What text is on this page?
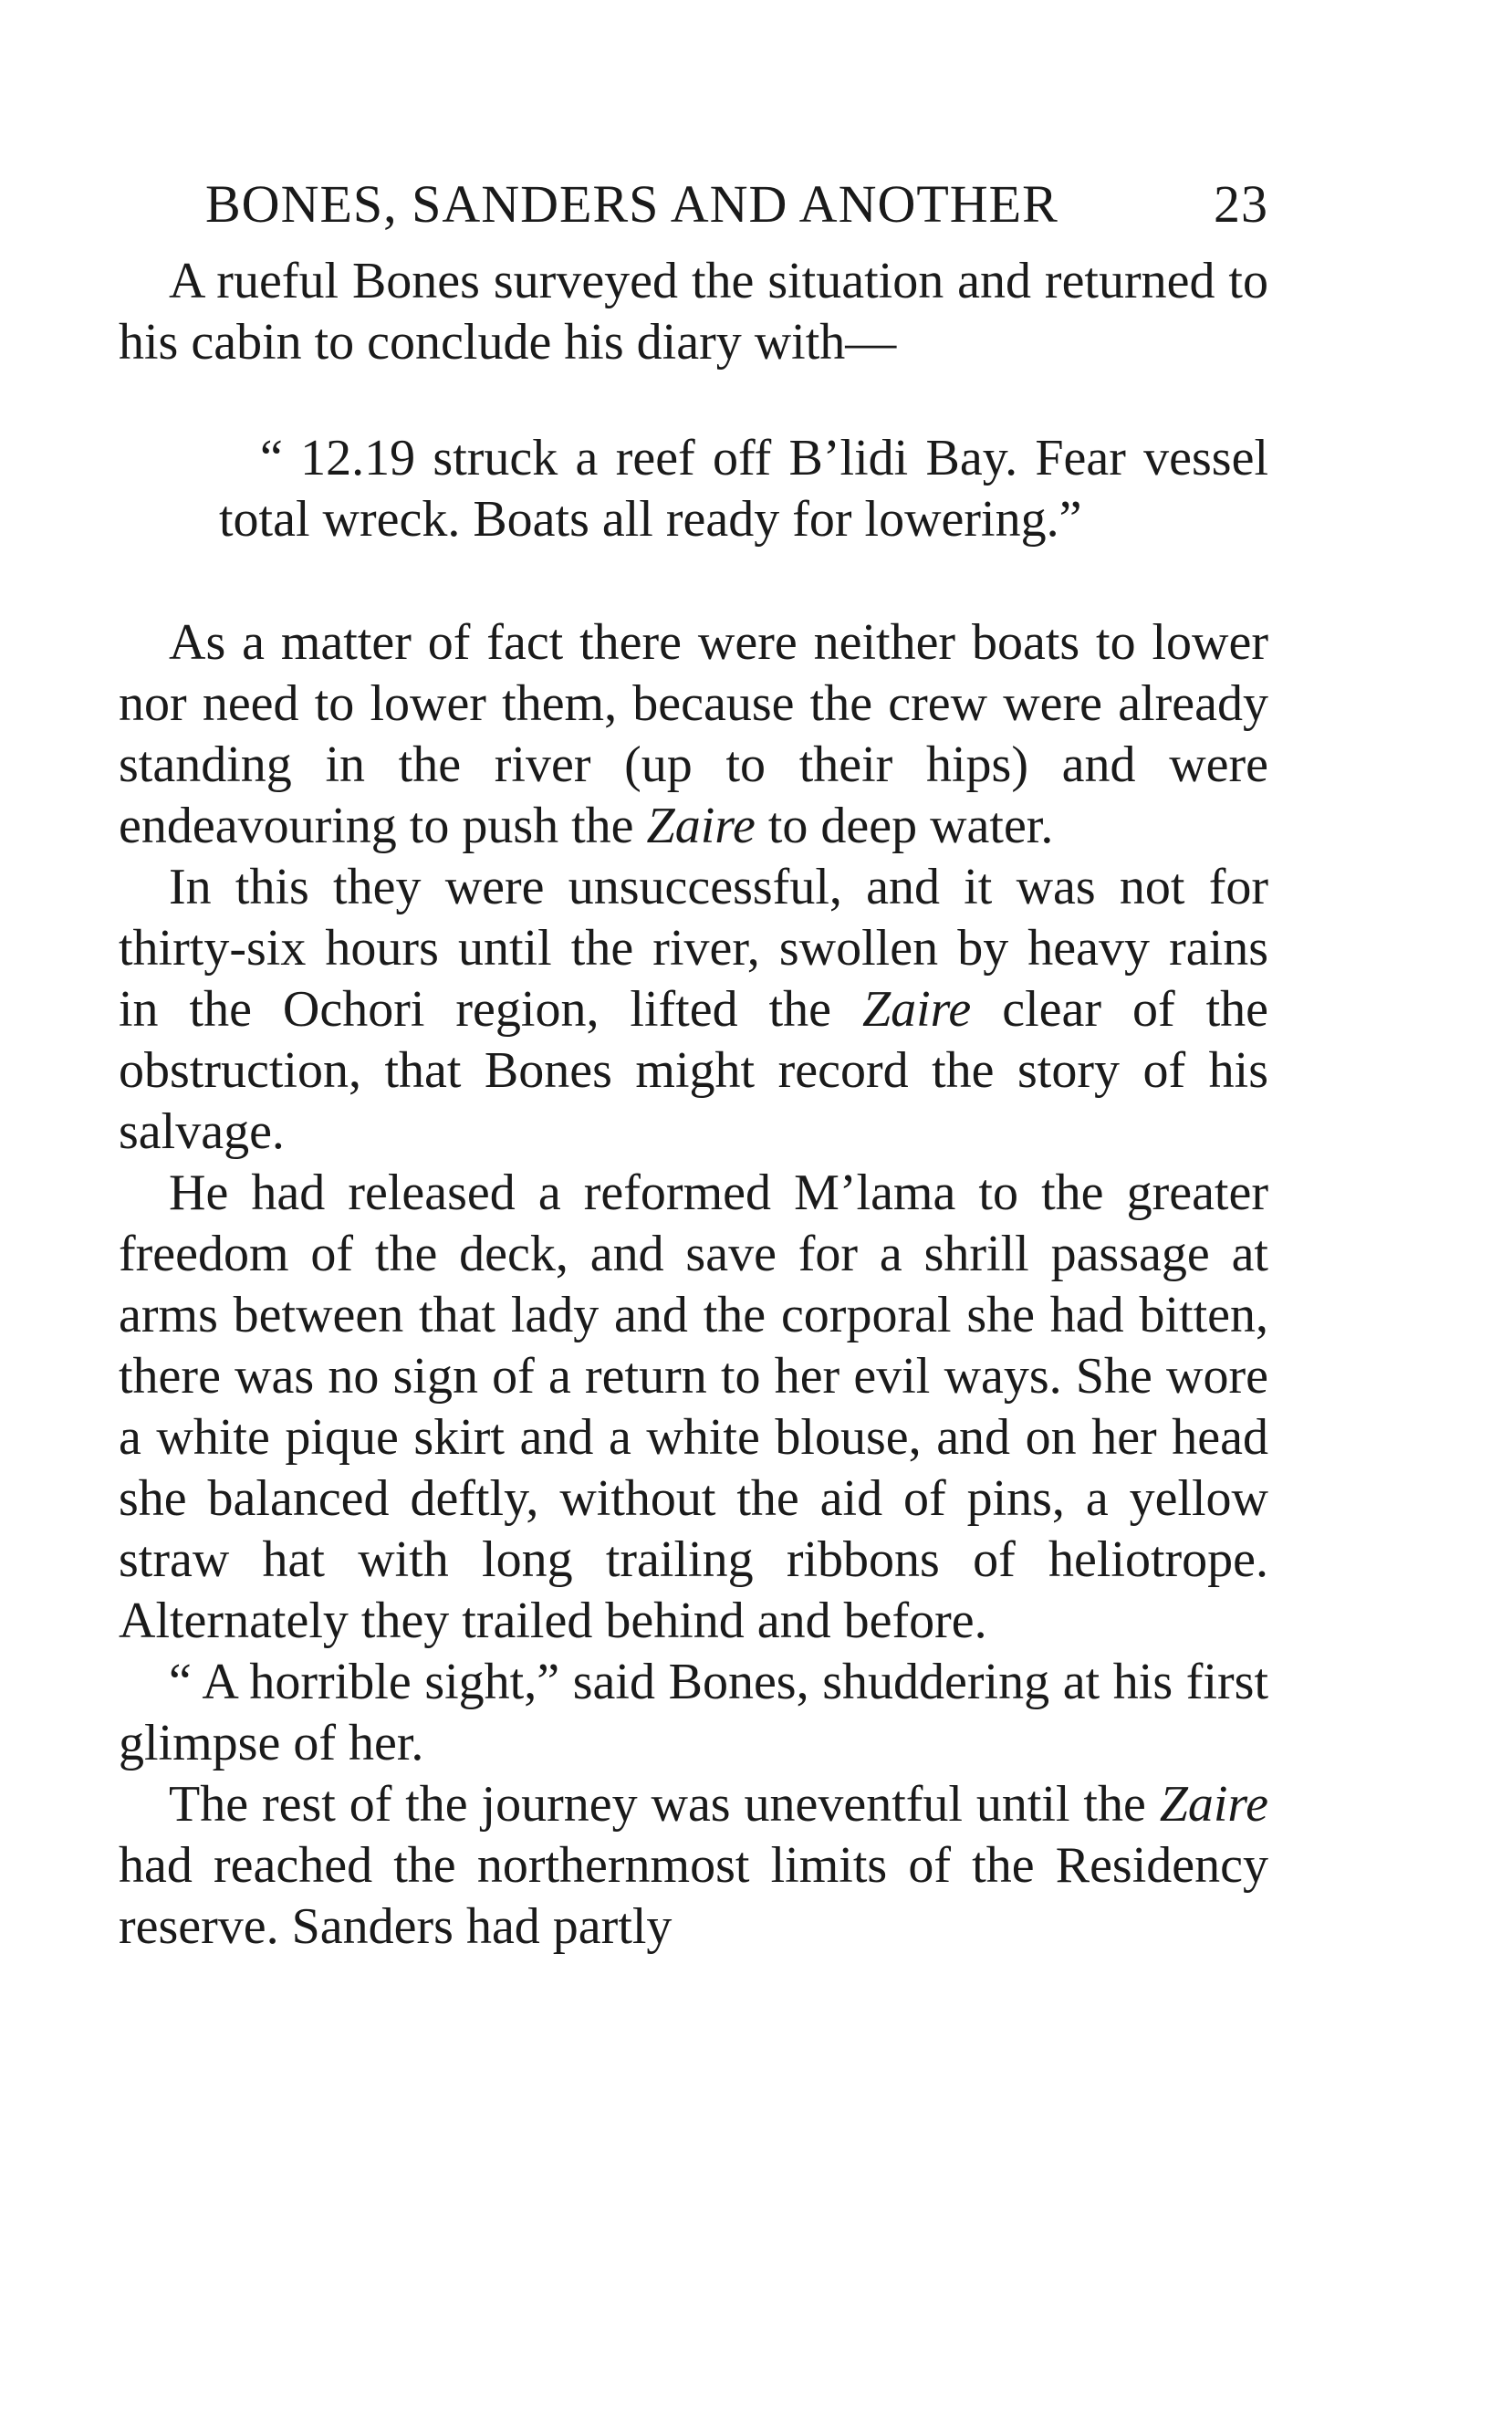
BONES, SANDERS AND ANOTHER	23

A rueful Bones surveyed the situation and returned to his cabin to conclude his diary with—

“ 12.19 struck a reef off B’lidi Bay. Fear vessel total wreck. Boats all ready for lowering.”

As a matter of fact there were neither boats to lower nor need to lower them, because the crew were already standing in the river (up to their hips) and were endeavouring to push the Zaire to deep water.

In this they were unsuccessful, and it was not for thirty-six hours until the river, swollen by heavy rains in the Ochori region, lifted the Zaire clear of the obstruction, that Bones might record the story of his salvage.

He had released a reformed M’lama to the greater freedom of the deck, and save for a shrill passage at arms between that lady and the corporal she had bitten, there was no sign of a return to her evil ways. She wore a white pique skirt and a white blouse, and on her head she balanced deftly, without the aid of pins, a yellow straw hat with long trailing ribbons of heliotrope. Alternately they trailed behind and before.

“ A horrible sight,” said Bones, shuddering at his first glimpse of her.

The rest of the journey was uneventful until the Zaire had reached the northernmost limits of the Residency reserve. Sanders had partly
